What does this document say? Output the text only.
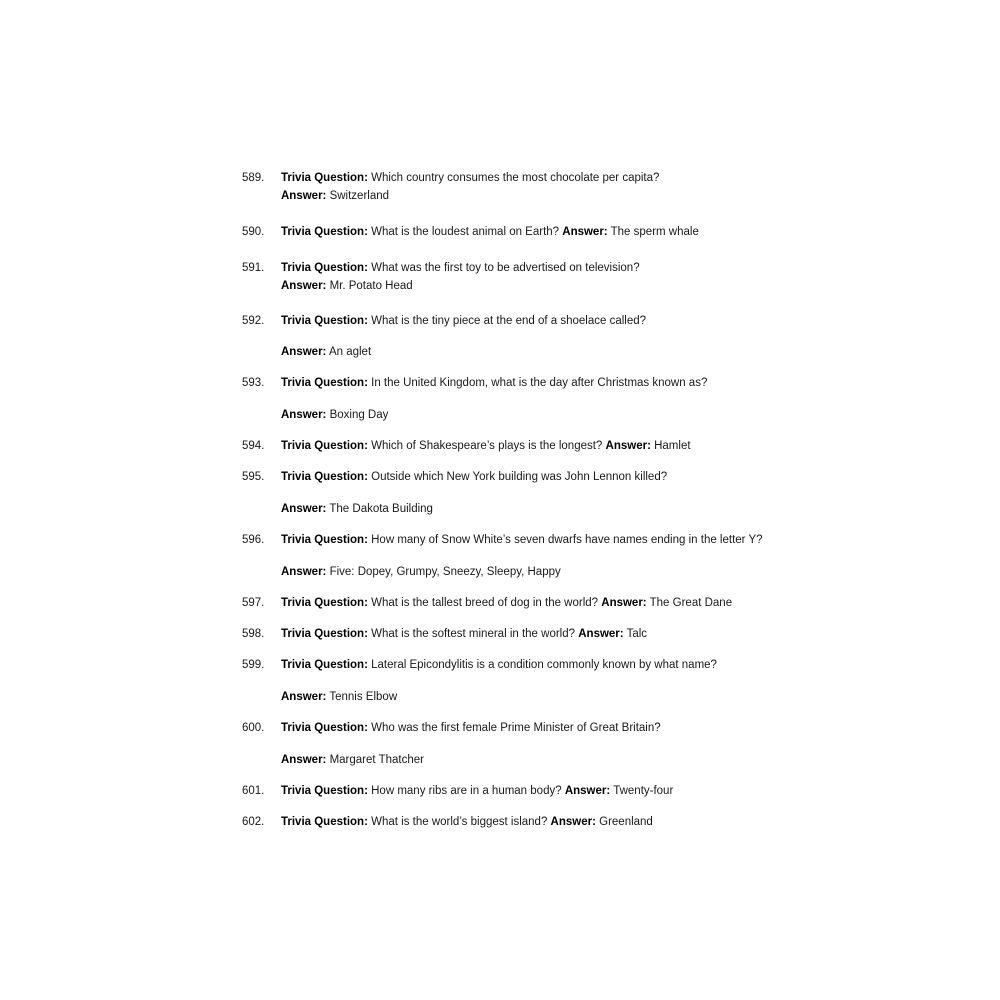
589.	Trivia Question: Which country consumes the most chocolate per capita?
Answer: Switzerland
590.	Trivia Question: What is the loudest animal on Earth? Answer: The sperm whale
591.	Trivia Question: What was the first toy to be advertised on television?
Answer: Mr. Potato Head
592.	Trivia Question: What is the tiny piece at the end of a shoelace called?
Answer: An aglet
593.	Trivia Question: In the United Kingdom, what is the day after Christmas known as?
Answer: Boxing Day
594.	Trivia Question: Which of Shakespeare’s plays is the longest? Answer: Hamlet
595.	Trivia Question: Outside which New York building was John Lennon killed?
Answer: The Dakota Building
596.	Trivia Question: How many of Snow White’s seven dwarfs have names ending in the letter Y?
Answer: Five: Dopey, Grumpy, Sneezy, Sleepy, Happy
597.	Trivia Question: What is the tallest breed of dog in the world? Answer: The Great Dane
598.	Trivia Question: What is the softest mineral in the world? Answer: Talc
599.	Trivia Question: Lateral Epicondylitis is a condition commonly known by what name?
Answer: Tennis Elbow
600.	Trivia Question: Who was the first female Prime Minister of Great Britain?
Answer: Margaret Thatcher
601.	Trivia Question: How many ribs are in a human body? Answer: Twenty-four
602.	Trivia Question: What is the world’s biggest island? Answer: Greenland
